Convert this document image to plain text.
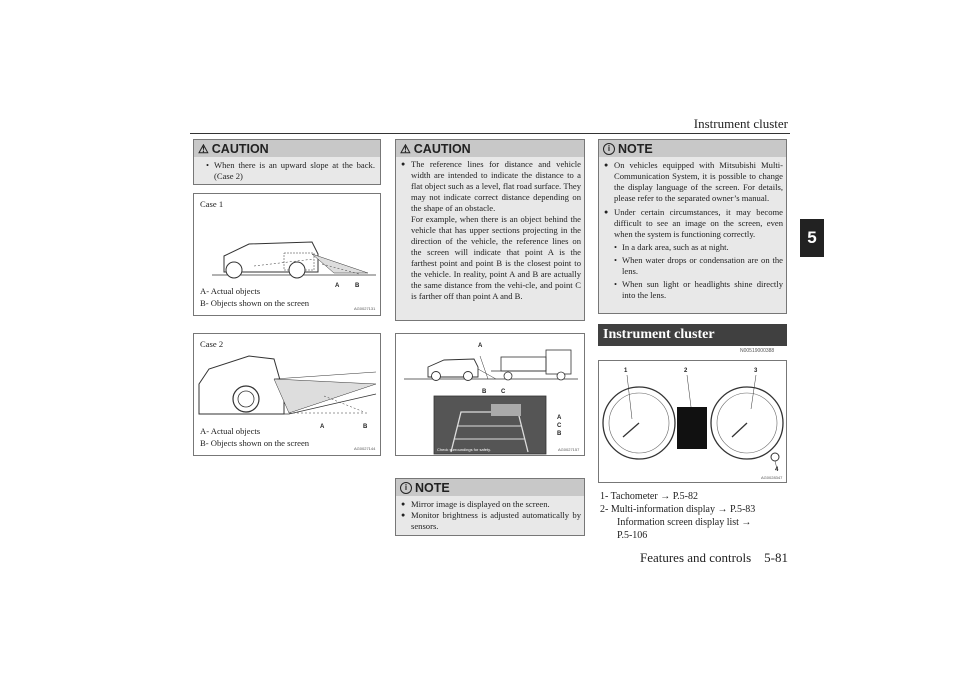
Instrument cluster
5
⚠ CAUTION
• When there is an upward slope at the back. (Case 2)
Case 1
A	B
A- Actual objects
B- Objects shown on the screen
AG0027131
Case 2
A	B
A- Actual objects
B- Objects shown on the screen
AG0027144
⚠ CAUTION
● The reference lines for distance and vehicle width are intended to indicate the distance to a flat object such as a level, flat road surface. They may not indicate correct distance depending on the shape of an obstacle.
For example, when there is an object behind the vehicle that has upper sections projecting in the direction of the vehicle, the reference lines on the screen will indicate that point A is the farthest point and point B is the closest point to the vehicle. In reality, point A and B are actually the same distance from the vehi-cle, and point C is farther off than point A and B.
A
B C
A
C
B
Check surroundings for safety.	AG0027157
i NOTE
● Mirror image is displayed on the screen.
● Monitor brightness is adjusted automatically by sensors.
i NOTE
● On vehicles equipped with Mitsubishi Multi-Communication System, it is possible to change the display language of the screen. For details, please refer to the separated owner’s manual.
● Under certain circumstances, it may become difficult to see an image on the screen, even when the system is functioning correctly.
• In a dark area, such as at night.
• When water drops or condensation are on the lens.
• When sun light or headlights shine directly into the lens.
Instrument cluster
N00519000388
1	2	3
4
AG0028347
1- Tachometer → P.5-82
2- Multi-information display → P.5-83
Information screen display list →
P.5-106
Features and controls    5-81
